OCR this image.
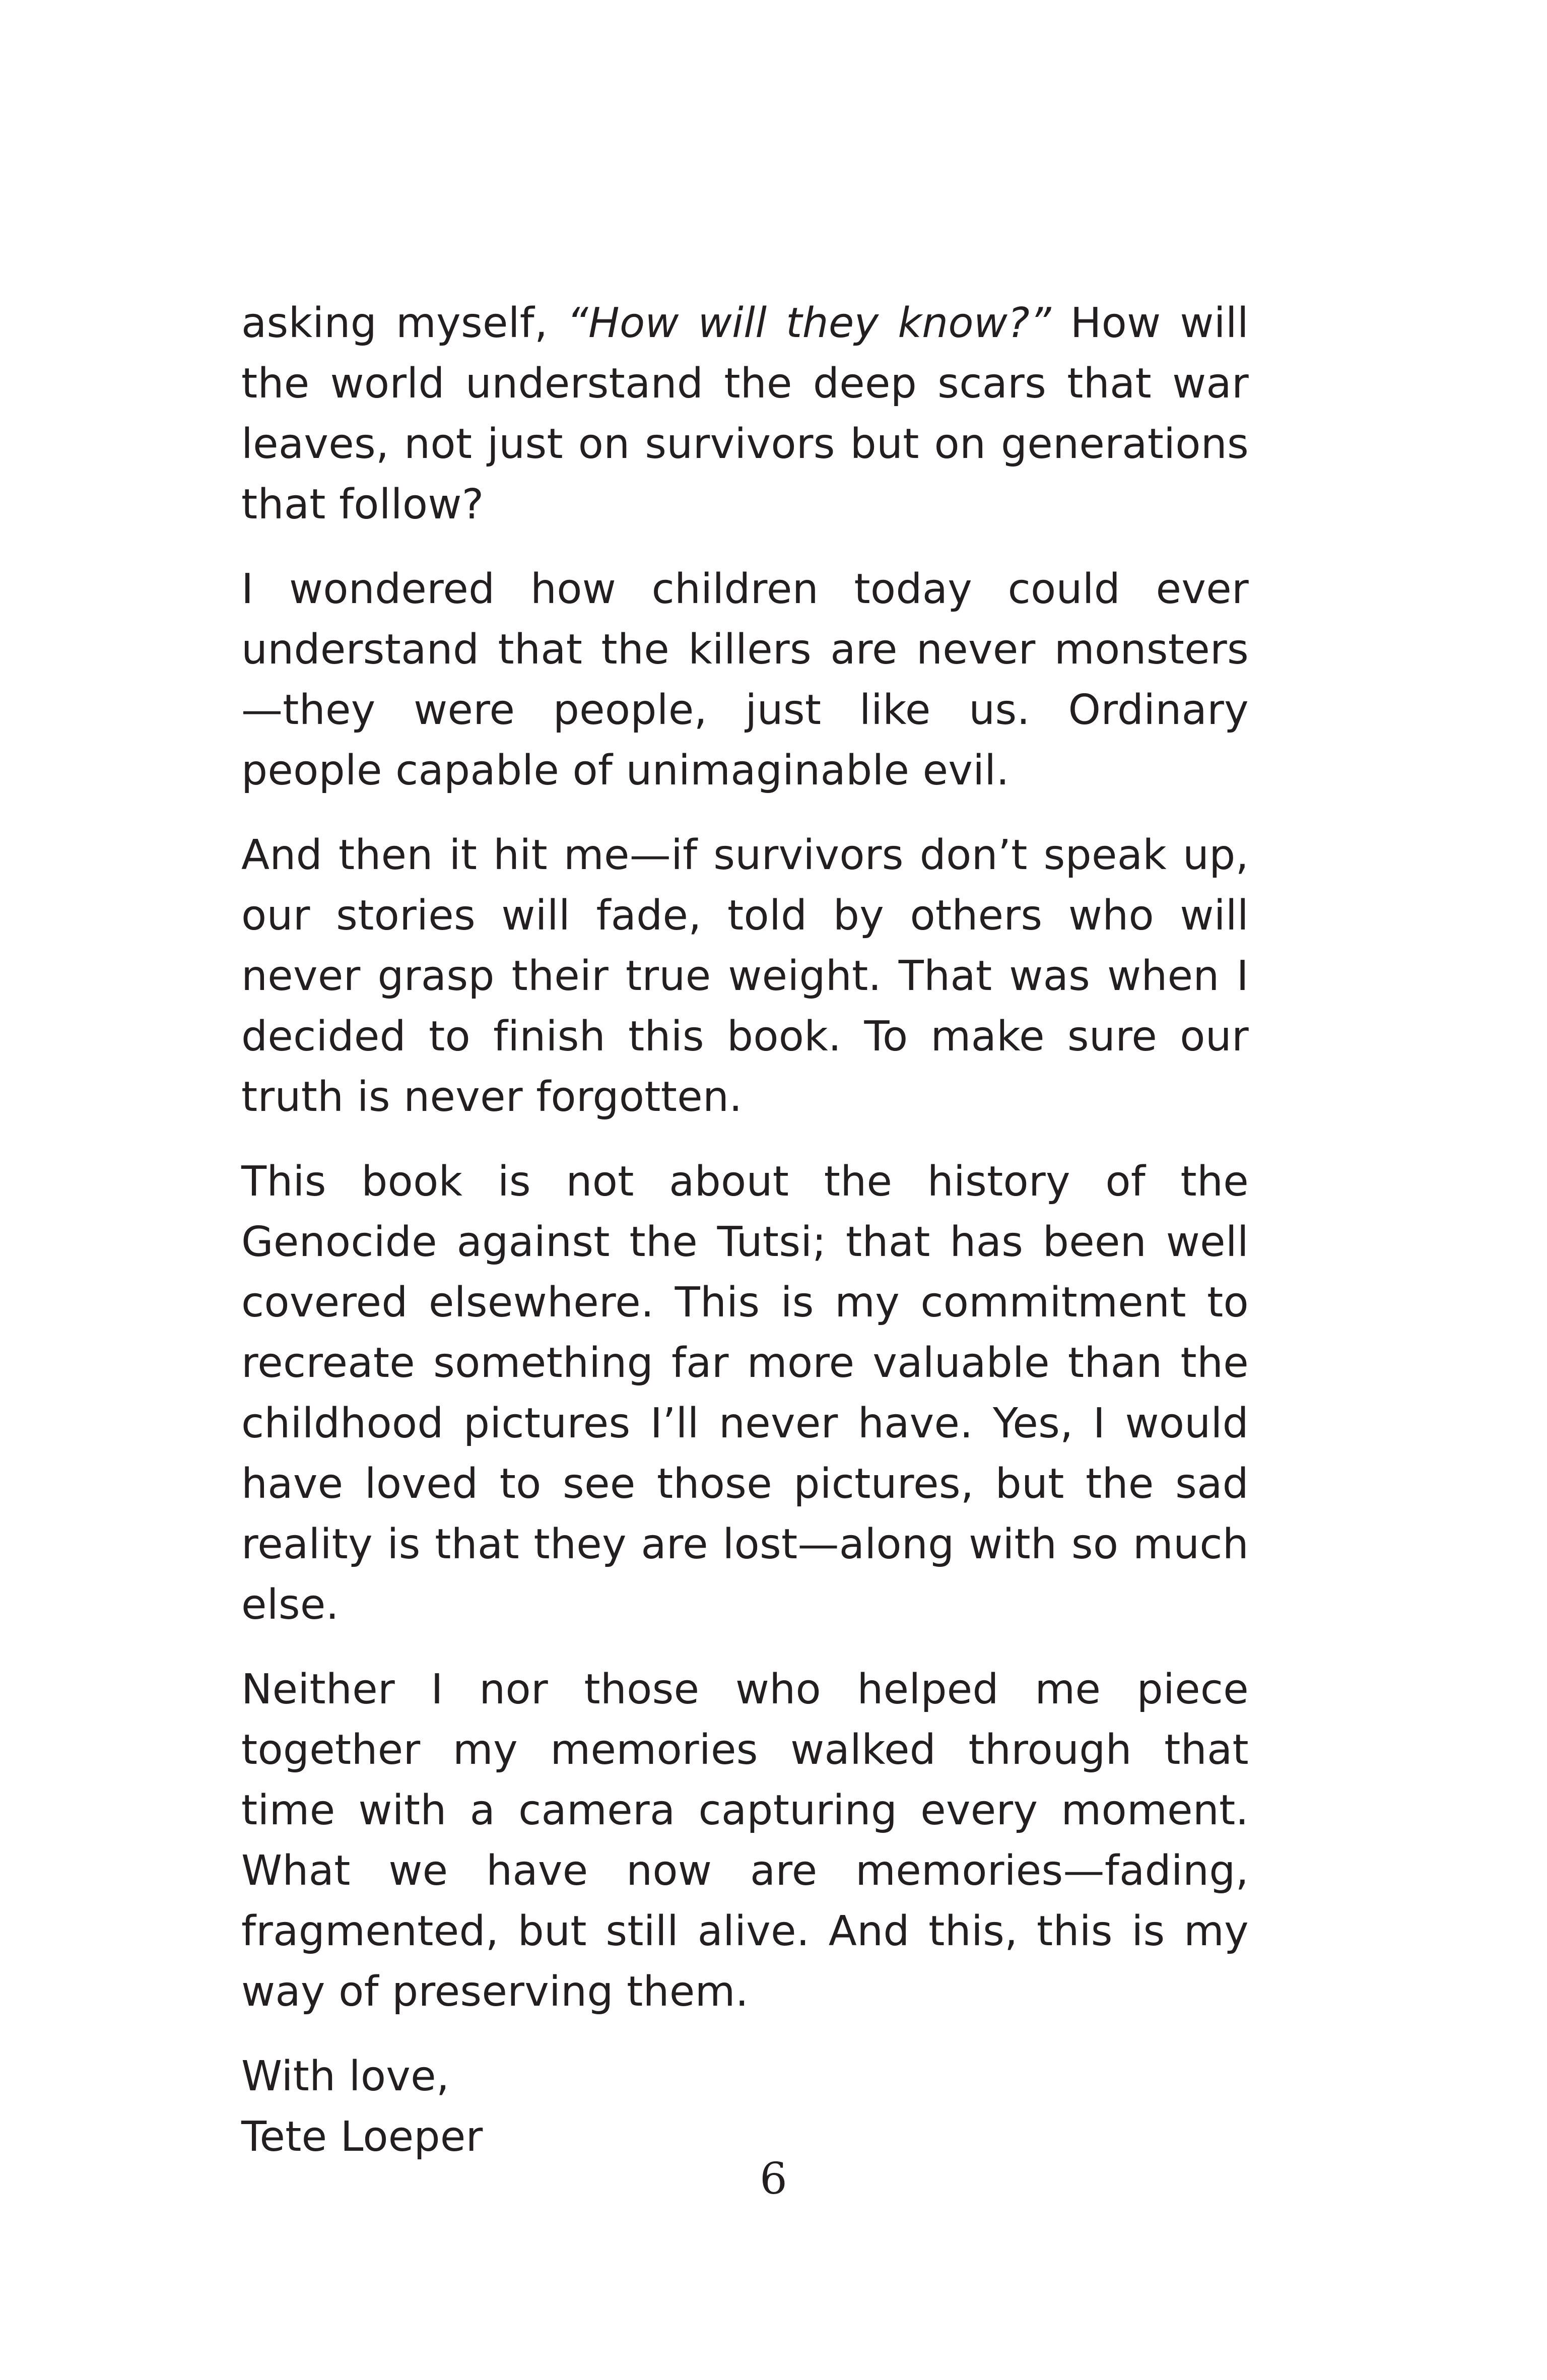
asking myself, “How will they know?” How will the world understand the deep scars that war leaves, not just on survivors but on generations that follow?

I wondered how children today could ever understand that the killers are never monsters—they were people, just like us. Ordinary people capable of unimaginable evil.

And then it hit me—if survivors don’t speak up, our stories will fade, told by others who will never grasp their true weight. That was when I decided to finish this book. To make sure our truth is never forgotten.

This book is not about the history of the Genocide against the Tutsi; that has been well covered elsewhere. This is my commitment to recreate something far more valuable than the childhood pictures I’ll never have. Yes, I would have loved to see those pictures, but the sad reality is that they are lost—along with so much else.

Neither I nor those who helped me piece together my memories walked through that time with a camera capturing every moment. What we have now are memories—fading, fragmented, but still alive. And this, this is my way of preserving them.

With love,
Tete Loeper
6
